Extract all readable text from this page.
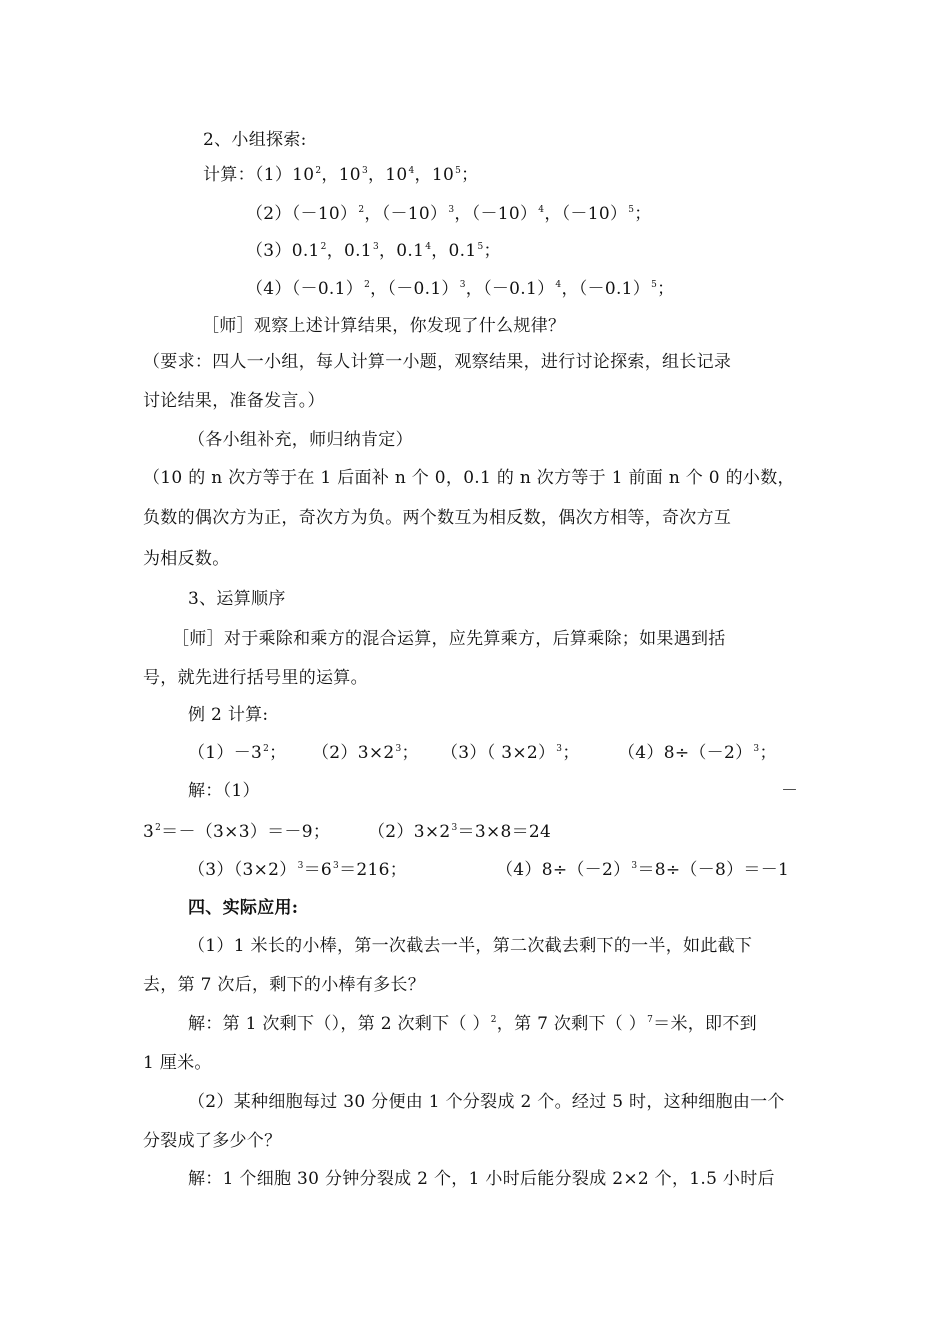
2、小组探索:
计算：$(1)10^2$，$10^3$，$10^4$，$10^5$；
$(2)(-10)^2$，$(-10)^3$，$(-10)^4$，$(-10)^5$；
$(3)0.1^2$，$0.1^3$，$0.1^4$，$0.1^5$；
$(4)(-0.1)^2$，$(-0.1)^3$，$(-0.1)^4$，$(-0.1)^5$；
［师］观察上述计算结果，你发现了什么规律？
（要求：四人一小组，每人计算一小题，观察结果，进行讨论探索，组长记录
讨论结果，准备发言。）
（各小组补充，师归纳肯定）
（10 的 n 次方等于在 1 后面补 n 个 0，0.1 的 n 次方等于 1 前面 n 个 0 的小数，
负数的偶次方为正，奇次方为负。两个数互为相反数，偶次方相等，奇次方互
为相反数。
3、运算顺序
［师］对于乘除和乘方的混合运算，应先算乘方，后算乘除；如果遇到括
号，就先进行括号里的运算。
例 2 计算:
$(1)-3^2$； $(2)3\times 2^3$； （3）（ 3×2）$^3$； $(4)8\div(-2)^3$；
解：（1）	－
$3^2=-(3\times 3)=-9$； $(2)3\times 2^3=3\times 8=24$
$(3)(3\times 2)^3=6^3=216$；	$(4)8\div(-2)^3=8\div(-8)=-1$
四、实际应用:
（1）1 米长的小棒，第一次截去一半，第二次截去剩下的一半，如此截下
去，第 7 次后，剩下的小棒有多长？
解：第 1 次剩下（），第 2 次剩下（ ）$^2$，第 7 次剩下（ ）$^7$＝米，即不到
1 厘米。
（2）某种细胞每过 30 分便由 1 个分裂成 2 个。经过 5 时，这种细胞由一个
分裂成了多少个？
解：1 个细胞 30 分钟分裂成 2 个，1 小时后能分裂成 2×2 个，1.5 小时后
